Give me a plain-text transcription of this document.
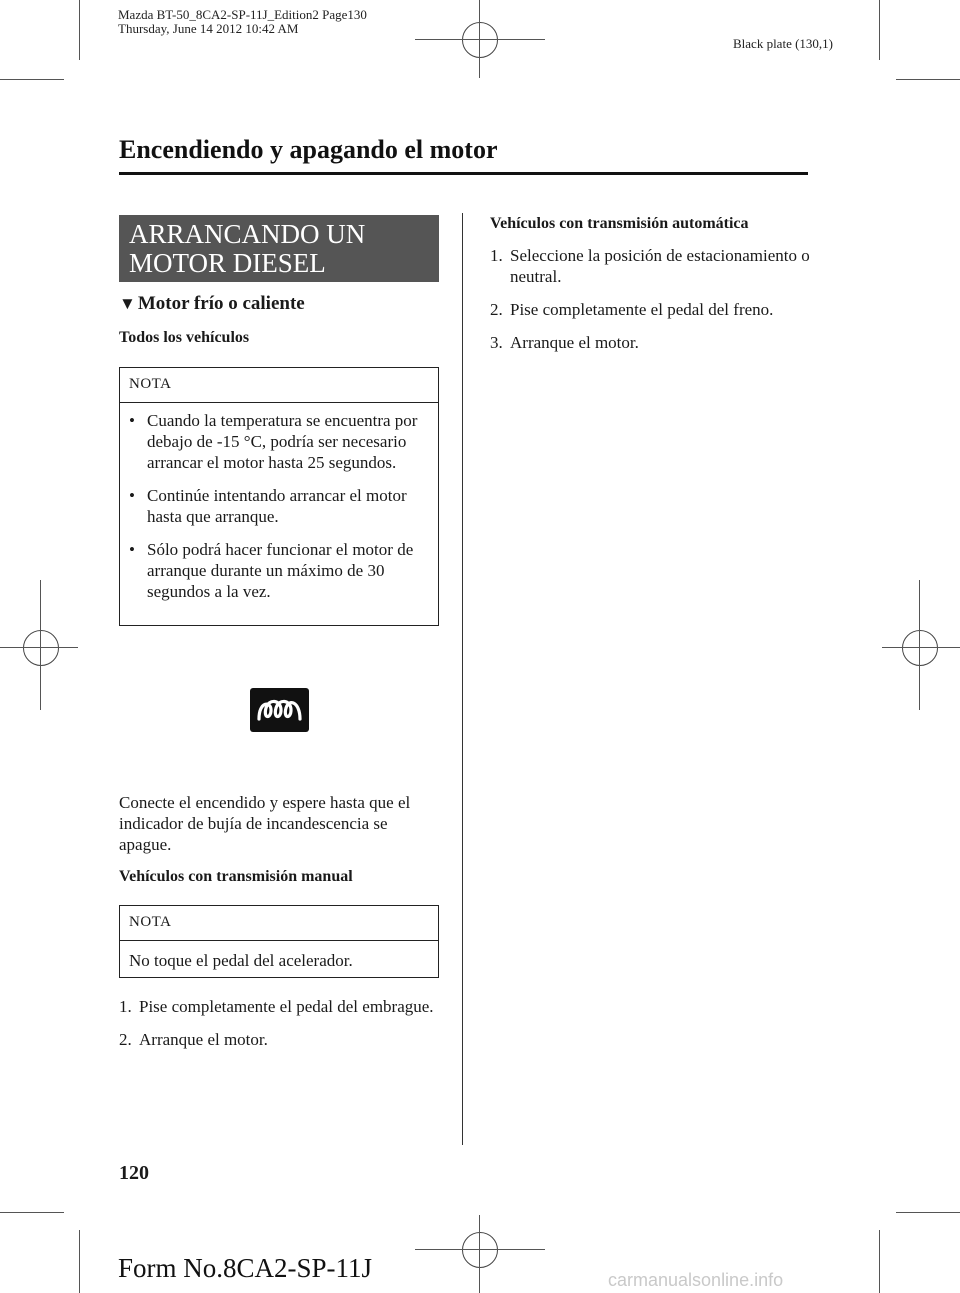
Mazda BT-50_8CA2-SP-11J_Edition2 Page130
Thursday, June 14 2012 10:42 AM
Black plate (130,1)
Encendiendo y apagando el motor
ARRANCANDO UN
MOTOR DIESEL
▼ Motor frío o caliente
Todos los vehículos
NOTA
• Cuando la temperatura se encuentra por debajo de -15 °C, podría ser necesario arrancar el motor hasta 25 segundos.
• Continúe intentando arrancar el motor hasta que arranque.
• Sólo podrá hacer funcionar el motor de arranque durante un máximo de 30 segundos a la vez.
Conecte el encendido y espere hasta que el indicador de bujía de incandescencia se apague.
Vehículos con transmisión manual
NOTA
No toque el pedal del acelerador.
1. Pise completamente el pedal del embrague.
2. Arranque el motor.
Vehículos con transmisión automática
1. Seleccione la posición de estacionamiento o neutral.
2. Pise completamente el pedal del freno.
3. Arranque el motor.
120
Form No.8CA2-SP-11J	carmanualsonline.info
